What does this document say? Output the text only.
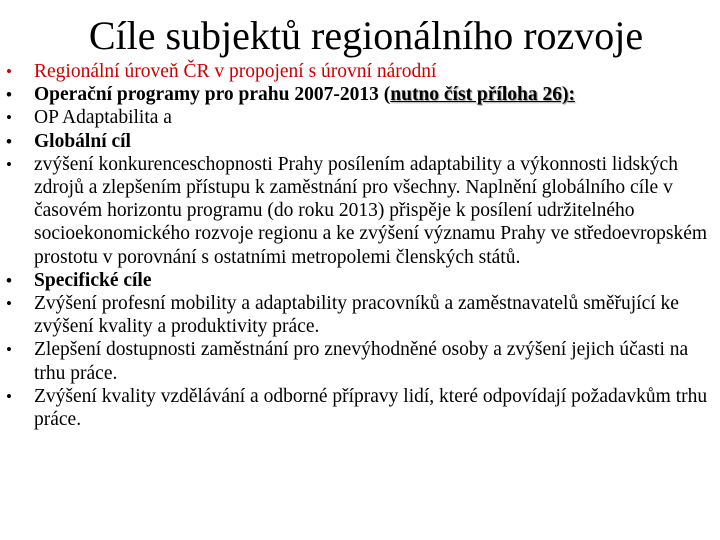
Cíle subjektů regionálního rozvoje
• Regionální úroveň ČR v propojení s úrovní národní
• Operační programy pro prahu 2007-2013 (nutno číst příloha 26):
• OP Adaptabilita a
• Globální cíl
• zvýšení konkurenceschopnosti Prahy posílením adaptability a výkonnosti lidských zdrojů a zlepšením přístupu k zaměstnání pro všechny. Naplnění globálního cíle v časovém horizontu programu (do roku 2013) přispěje k posílení udržitelného socioekonomického rozvoje regionu a ke zvýšení významu Prahy ve středoevropském prostotu v porovnání s ostatními metropolemi členských států.
• Specifické cíle
• Zvýšení profesní mobility a adaptability pracovníků a zaměstnavatelů směřující ke zvýšení kvality a produktivity práce.
• Zlepšení dostupnosti zaměstnání pro znevýhodněné osoby a zvýšení jejich účasti na trhu práce.
• Zvýšení kvality vzdělávání a odborné přípravy lidí, které odpovídají požadavkům trhu práce.
